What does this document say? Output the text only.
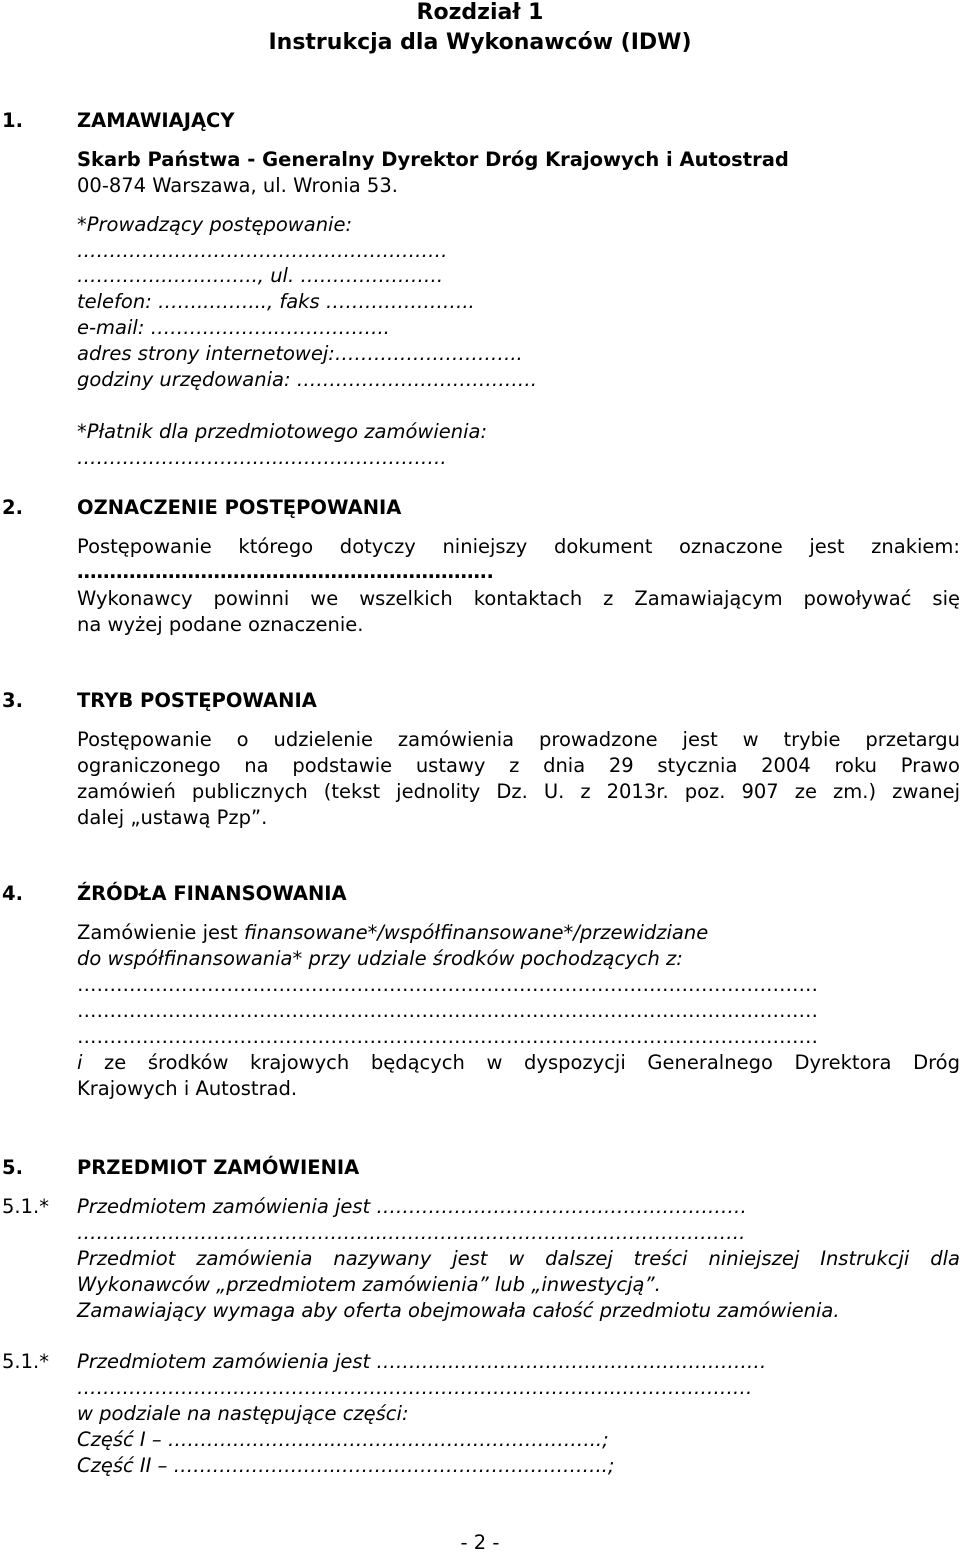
Rozdział 1
Instrukcja dla Wykonawców (IDW)
1.	ZAMAWIAJĄCY
Skarb Państwa - Generalny Dyrektor Dróg Krajowych i Autostrad
00-874 Warszawa, ul. Wronia 53.
*Prowadzący postępowanie:
…………………………………………………
…………..………….., ul. ………………….
telefon: ……..……..., faks …………………..
e-mail: ………………..……………..
adres strony internetowej:………………………..
godziny urzędowania: ……………………………….
*Płatnik dla przedmiotowego zamówienia:
…………………………..…………………….
2.	OZNACZENIE POSTĘPOWANIA
Postępowanie którego dotyczy niniejszy dokument oznaczone jest znakiem:
……………………………………………………….
Wykonawcy powinni we wszelkich kontaktach z Zamawiającym powoływać się
na wyżej podane oznaczenie.
3.	TRYB POSTĘPOWANIA
Postępowanie o udzielenie zamówienia prowadzone jest w trybie przetargu
ograniczonego na podstawie ustawy z dnia 29 stycznia 2004 roku Prawo
zamówień publicznych (tekst jednolity Dz. U. z 2013r. poz. 907 ze zm.) zwanej
dalej „ustawą Pzp”.
4.	ŹRÓDŁA FINANSOWANIA
Zamówienie jest finansowane*/współfinansowane*/przewidziane
do współfinansowania* przy udziale środków pochodzących z:
……………………………………………………………………………………………………
……………………………………………………………………………………………………
……………………………………………………………………………………………………
i ze środków krajowych będących w dyspozycji Generalnego Dyrektora Dróg
Krajowych i Autostrad.
5.	PRZEDMIOT ZAMÓWIENIA
5.1.* Przedmiotem zamówienia jest …………………………………………………
………………………………………...……………………………………………….
Przedmiot zamówienia nazywany jest w dalszej treści niniejszej Instrukcji dla
Wykonawców „przedmiotem zamówienia” lub „inwestycją”.
Zamawiający wymaga aby oferta obejmowała całość przedmiotu zamówienia.
5.1.* Przedmiotem zamówienia jest ……………………………………………………
………………………………………………………………………..…………………
w podziale na następujące części:
Część I – ……………………..…………………………………..;
Część II – ……………………..…………………………………..;
- 2 -
